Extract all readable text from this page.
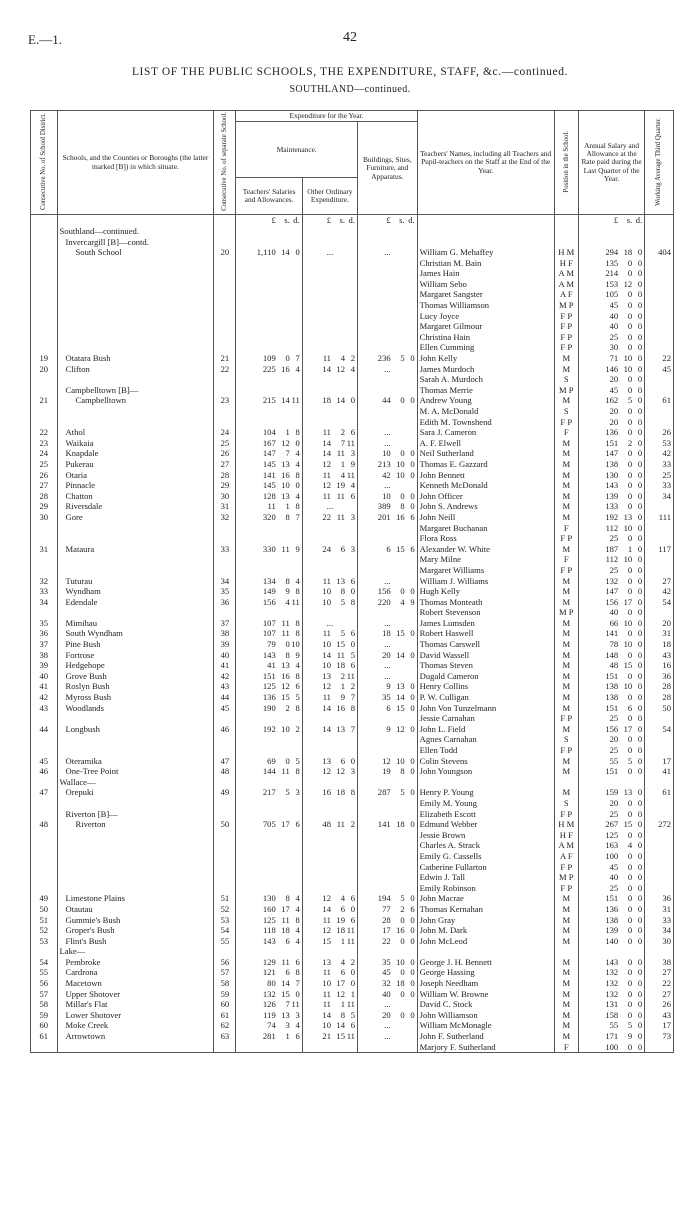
E.—1.	42
LIST OF THE PUBLIC SCHOOLS, THE EXPENDITURE, STAFF, &c.—continued.
SOUTHLAND—continued.
Consecutive No. of School District.	Schools, and the Counties or Boroughs (the latter marked [B]) in which situate.	Consecutive No. of separate School.	Expenditure for the Year.			Teachers' Names, including all Teachers and Pupil-teachers on the Staff at the End of the Year.	Position in the School.	Annual Salary and Allowance at the Rate paid during the Last Quarter of the Year.	Working Average Third Quarter.
			Maintenance.		Buildings, Sites, Furniture, and Apparatus.				
			Teachers' Salaries and Allowances.	Other Ordinary Expenditure.					

			£ s. d.	£ s. d.	£ s. d.			£ s. d.	

	Southland—continued.								
	Invercargill [B]—contd.								
	South School	20	1,110 14 0	...	...	William G. Mehaffey	H M	294 18 0	404
						Christian M. Bain	H F	135 0 0	

						James Hain	A M	214 0 0	

						William Sebo	A M	153 12 0	

						Margaret Sangster	A F	105 0 0	

						Thomas Williamson	M P	45 0 0	

						Lucy Joyce	F P	40 0 0	

						Margaret Gilmour	F P	40 0 0	

						Christina Hain	F P	25 0 0	

						Ellen Cumming	F P	30 0 0	

19	Otatara Bush	21	109 0 7	11 4 2	236 5 0	John Kelly	M	71 10 0	22
20	Clifton	22	225 16 4	14 12 4	...	James Murdoch	M	146 10 0	45
						Sarah A. Murdoch	S	20 0 0	

	Campbelltown [B]—					Thomas Merrie	M P	45 0 0	

21	Campbelltown	23	215 14 11	18 14 0	44 0 0	Andrew Young	M	162 5 0	61
						M. A. McDonald	S	20 0 0	

						Edith M. Townshend	F P	20 0 0	

22	Athol	24	104 1 8	11 2 6	...	Sara J. Cameron	F	136 0 0	26
23	Waikaia	25	167 12 0	14 7 11	...	A. F. Elwell	M	151 2 0	53
24	Knapdale	26	147 7 4	14 11 3	10 0 0	Neil Sutherland	M	147 0 0	42
25	Pukerau	27	145 13 4	12 1 9	213 10 0	Thomas E. Gazzard	M	138 0 0	33
26	Otaria	28	141 16 8	11 4 11	42 10 0	John Bennett	M	130 0 0	25
27	Pinnacle	29	145 10 0	12 19 4	...	Kenneth McDonald	M	143 0 0	33
28	Chatton	30	128 13 4	11 11 6	10 0 0	John Officer	M	139 0 0	34
29	Riversdale	31	11 1 8	...	389 8 0	John S. Andrews	M	133 0 0	

30	Gore	32	320 8 7	22 11 3	201 16 6	John Neill	M	192 13 0	111
						Margaret Buchanan	F	112 10 0	

						Flora Ross	F P	25 0 0	

31	Mataura	33	330 11 9	24 6 3	6 15 6	Alexander W. White	M	187 1 0	117
						Mary Milne	F	112 10 0	

						Margaret Williams	F P	25 0 0	

32	Tuturau	34	134 8 4	11 13 6	...	William J. Williams	M	132 0 0	27
33	Wyndham	35	149 9 8	10 8 0	156 0 0	Hugh Kelly	M	147 0 0	42
34	Edendale	36	156 4 11	10 5 8	220 4 9	Thomas Monteath	M	156 17 0	54
						Robert Stevenson	M P	40 0 0	

35	Mimihau	37	107 11 8	...	...	James Lumsden	M	66 10 0	20
36	South Wyndham	38	107 11 8	11 5 6	18 15 0	Robert Haswell	M	141 0 0	31
37	Pine Bush	39	79 0 10	10 15 0	...	Thomas Carswell	M	78 10 0	18
38	Fortrose	40	143 8 9	14 11 5	20 14 0	David Wassell	M	148 0 0	43
39	Hedgehope	41	41 13 4	10 18 6	...	Thomas Steven	M	48 15 0	16
40	Grove Bush	42	151 16 8	13 2 11	...	Dugald Cameron	M	151 0 0	36
41	Roslyn Bush	43	125 12 6	12 1 2	9 13 0	Henry Collins	M	138 10 0	28
42	Myross Bush	44	136 15 5	11 9 7	35 14 0	P. W. Culligan	M	138 0 0	28
43	Woodlands	45	190 2 8	14 16 8	6 15 0	John Von Tunzelmann	M	151 6 0	50
						Jessie Carnahan	F P	25 0 0	

44	Longbush	46	192 10 2	14 13 7	9 12 0	John L. Field	M	156 17 0	54
						Agnes Carnahan	S	20 0 0	

						Ellen Todd	F P	25 0 0	

45	Oteramika	47	69 0 5	13 6 0	12 10 0	Colin Stevens	M	55 5 0	17
46	One-Tree Point	48	144 11 8	12 12 3	19 8 0	John Youngson	M	151 0 0	41
	Wallace—								
47	Orepuki	49	217 5 3	16 18 8	287 5 0	Henry P. Young	M	159 13 0	61
						Emily M. Young	S	20 0 0	

	Riverton [B]—					Elizabeth Escott	F P	25 0 0	

48	Riverton	50	705 17 6	48 11 2	141 18 0	Edmund Webber	H M	267 15 0	272
						Jessie Brown	H F	125 0 0	

						Charles A. Strack	A M	163 4 0	

						Emily G. Cassells	A F	100 0 0	

						Catherine Fullarton	F P	45 0 0	

						Edwin J. Tall	M P	40 0 0	

						Emily Robinson	F P	25 0 0	

49	Limestone Plains	51	130 8 4	12 4 6	194 5 0	John Macrae	M	151 0 0	36
50	Otautau	52	160 17 4	14 6 0	77 2 6	Thomas Kernahan	M	136 0 0	31
51	Gummie's Bush	53	125 11 8	11 19 6	28 0 0	John Gray	M	138 0 0	33
52	Groper's Bush	54	118 18 4	12 18 11	17 16 0	John M. Dark	M	139 0 0	34
53	Flint's Bush	55	143 6 4	15 1 11	22 0 0	John McLeod	M	140 0 0	30
	Lake—								
54	Pembroke	56	129 11 6	13 4 2	35 10 0	George J. H. Bennett	M	143 0 0	38
55	Cardrona	57	121 6 8	11 6 0	45 0 0	George Hassing	M	132 0 0	27
56	Macetown	58	80 14 7	10 17 0	32 18 0	Joseph Needham	M	132 0 0	22
57	Upper Shotover	59	132 15 0	11 12 1	40 0 0	William W. Browne	M	132 0 0	27
58	Millar's Flat	60	126 7 11	11 1 11	...	David C. Stock	M	131 0 0	26
59	Lower Shotover	61	119 13 3	14 8 5	20 0 0	John Williamson	M	158 0 0	43
60	Moke Creek	62	74 3 4	10 14 6	...	William McMonagle	M	55 5 0	17
61	Arrowtown	63	281 1 6	21 15 11	...	John F. Sutherland	M	171 9 0	73
						Marjory F. Sutherland	F	100 0 0	
